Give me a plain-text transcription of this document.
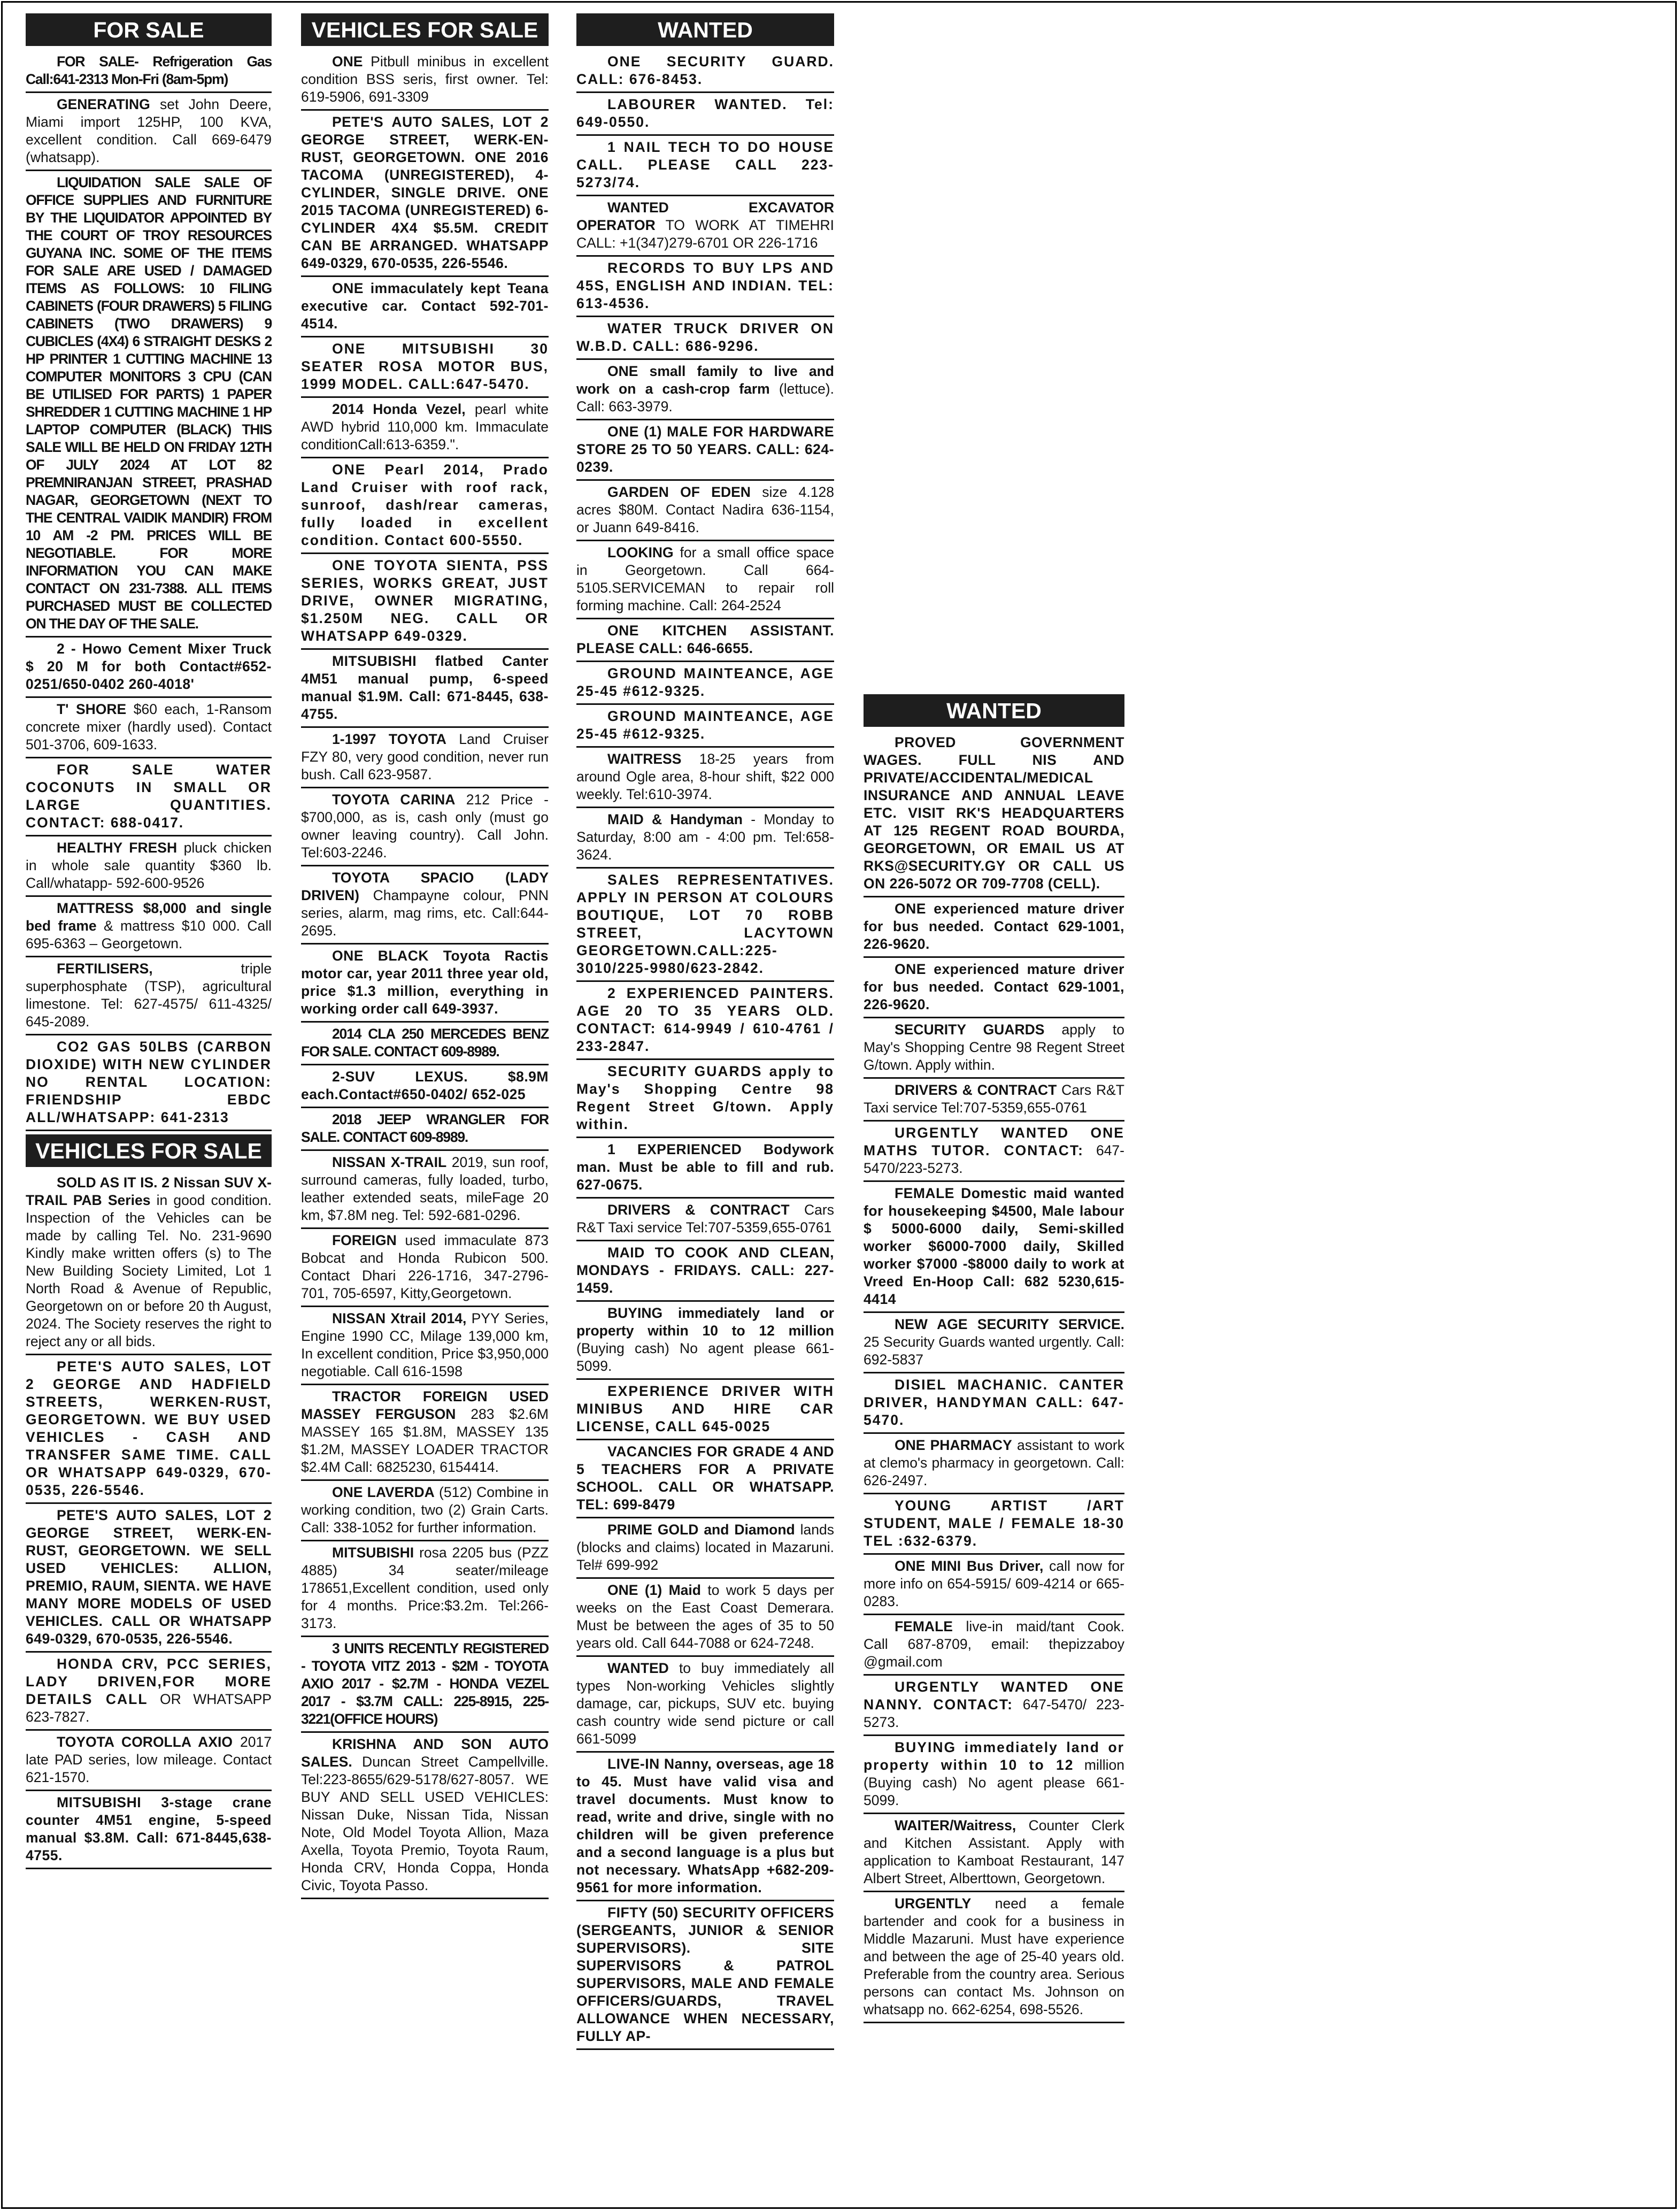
FOR SALE

FOR SALE- Refrigeration Gas Call:641-2313 Mon-Fri (8am-5pm)

GENERATING set John Deere, Miami import 125HP, 100 KVA, excellent condition. Call 669-6479 (whatsapp).

LIQUIDATION SALE SALE OF OFFICE SUPPLIES AND FURNITURE BY THE LIQUIDATOR APPOINTED BY THE COURT OF TROY RESOURCES GUYANA INC. SOME OF THE ITEMS FOR SALE ARE USED / DAMAGED ITEMS AS FOLLOWS: 10 FILING CABINETS (FOUR DRAWERS) 5 FILING CABINETS (TWO DRAWERS) 9 CUBICLES (4X4) 6 STRAIGHT DESKS 2 HP PRINTER 1 CUTTING MACHINE 13 COMPUTER MONITORS 3 CPU (CAN BE UTILISED FOR PARTS) 1 PAPER SHREDDER 1 CUTTING MACHINE 1 HP LAPTOP COMPUTER (BLACK) THIS SALE WILL BE HELD ON FRIDAY 12TH OF JULY 2024 AT LOT 82 PREMNIRANJAN STREET, PRASHAD NAGAR, GEORGETOWN (NEXT TO THE CENTRAL VAIDIK MANDIR) FROM 10 AM -2 PM. PRICES WILL BE NEGOTIABLE. FOR MORE INFORMATION YOU CAN MAKE CONTACT ON 231-7388. ALL ITEMS PURCHASED MUST BE COLLECTED ON THE DAY OF THE SALE.

2 - Howo Cement Mixer Truck $ 20 M for both Contact#652-0251/650-0402 260-4018'

T' SHORE $60 each, 1-Ransom concrete mixer (hardly used). Contact 501-3706, 609-1633.

FOR SALE WATER COCONUTS IN SMALL OR LARGE QUANTITIES. CONTACT: 688-0417.

HEALTHY FRESH pluck chicken in whole sale quantity $360 lb. Call/whatapp- 592-600-9526

MATTRESS $8,000 and single bed frame & mattress $10 000. Call 695-6363 – Georgetown.

FERTILISERS, triple superphosphate (TSP), agricultural limestone. Tel: 627-4575/ 611-4325/ 645-2089.

CO2 GAS 50LBS (CARBON DIOXIDE) WITH NEW CYLINDER NO RENTAL LOCATION: FRIENDSHIP EBDC ALL/WHATSAPP: 641-2313

VEHICLES FOR SALE

SOLD AS IT IS. 2 Nissan SUV X-TRAIL PAB Series in good condition. Inspection of the Vehicles can be made by calling Tel. No. 231-9690 Kindly make written offers (s) to The New Building Society Limited, Lot 1 North Road & Avenue of Republic, Georgetown on or before 20 th August, 2024. The Society reserves the right to reject any or all bids.

PETE'S AUTO SALES, LOT 2 GEORGE AND HADFIELD STREETS, WERKEN-RUST, GEORGETOWN. WE BUY USED VEHICLES - CASH AND TRANSFER SAME TIME. CALL OR WHATSAPP 649-0329, 670-0535, 226-5546.

PETE'S AUTO SALES, LOT 2 GEORGE STREET, WERK-EN-RUST, GEORGETOWN. WE SELL USED VEHICLES: ALLION, PREMIO, RAUM, SIENTA. WE HAVE MANY MORE MODELS OF USED VEHICLES. CALL OR WHATSAPP 649-0329, 670-0535, 226-5546.

HONDA CRV, PCC SERIES, LADY DRIVEN,FOR MORE DETAILS CALL OR WHATSAPP 623-7827.

TOYOTA COROLLA AXIO 2017 late PAD series, low mileage. Contact 621-1570.

MITSUBISHI 3-stage crane counter 4M51 engine, 5-speed manual $3.8M. Call: 671-8445,638-4755.

VEHICLES FOR SALE

ONE Pitbull minibus in excellent condition BSS seris, first owner. Tel: 619-5906, 691-3309

PETE'S AUTO SALES, LOT 2 GEORGE STREET, WERK-EN-RUST, GEORGETOWN. ONE 2016 TACOMA (UNREGISTERED), 4-CYLINDER, SINGLE DRIVE. ONE 2015 TACOMA (UNREGISTERED) 6-CYLINDER 4X4 $5.5M. CREDIT CAN BE ARRANGED. WHATSAPP 649-0329, 670-0535, 226-5546.

ONE immaculately kept Teana executive car. Contact 592-701-4514.

ONE MITSUBISHI 30 SEATER ROSA MOTOR BUS, 1999 MODEL. CALL:647-5470.

2014 Honda Vezel, pearl white AWD hybrid 110,000 km. Immaculate conditionCall:613-6359.".

ONE Pearl 2014, Prado Land Cruiser with roof rack, sunroof, dash/rear cameras, fully loaded in excellent condition. Contact 600-5550.

ONE TOYOTA SIENTA, PSS SERIES, WORKS GREAT, JUST DRIVE, OWNER MIGRATING, $1.250M NEG. CALL OR WHATSAPP 649-0329.

MITSUBISHI flatbed Canter 4M51 manual pump, 6-speed manual $1.9M. Call: 671-8445, 638-4755.

1-1997 TOYOTA Land Cruiser FZY 80, very good condition, never run bush. Call 623-9587.

TOYOTA CARINA 212 Price - $700,000, as is, cash only (must go owner leaving country). Call John. Tel:603-2246.

TOYOTA SPACIO (LADY DRIVEN) Champayne colour, PNN series, alarm, mag rims, etc. Call:644-2695.

ONE BLACK Toyota Ractis motor car, year 2011 three year old, price $1.3 million, everything in working order call 649-3937.

2014 CLA 250 MERCEDES BENZ FOR SALE. CONTACT 609-8989.

2-SUV LEXUS. $8.9M each.Contact#650-0402/ 652-025

2018 JEEP WRANGLER FOR SALE. CONTACT 609-8989.

NISSAN X-TRAIL 2019, sun roof, surround cameras, fully loaded, turbo, leather extended seats, mileFage 20 km, $7.8M neg. Tel: 592-681-0296.

FOREIGN used immaculate 873 Bobcat and Honda Rubicon 500. Contact Dhari 226-1716, 347-2796-701, 705-6597, Kitty,Georgetown.

NISSAN Xtrail 2014, PYY Series, Engine 1990 CC, Milage 139,000 km, In excellent condition, Price $3,950,000 negotiable. Call 616-1598

TRACTOR FOREIGN USED MASSEY FERGUSON 283 $2.6M MASSEY 165 $1.8M, MASSEY 135 $1.2M, MASSEY LOADER TRACTOR $2.4M Call: 6825230, 6154414.

ONE LAVERDA (512) Combine in working condition, two (2) Grain Carts. Call: 338-1052 for further information.

MITSUBISHI rosa 2205 bus (PZZ 4885) 34 seater/mileage 178651,Excellent condition, used only for 4 months. Price:$3.2m. Tel:266-3173.

3 UNITS RECENTLY REGISTERED - TOYOTA VITZ 2013 - $2M - TOYOTA AXIO 2017 - $2.7M - HONDA VEZEL 2017 - $3.7M CALL: 225-8915, 225-3221(OFFICE HOURS)

KRISHNA AND SON AUTO SALES. Duncan Street Campellville. Tel:223-8655/629-5178/627-8057. WE BUY AND SELL USED VEHICLES: Nissan Duke, Nissan Tida, Nissan Note, Old Model Toyota Allion, Maza Axella, Toyota Premio, Toyota Raum, Honda CRV, Honda Coppa, Honda Civic, Toyota Passo.

WANTED

ONE SECURITY GUARD. CALL: 676-8453.

LABOURER WANTED. Tel: 649-0550.

1 NAIL TECH TO DO HOUSE CALL. PLEASE CALL 223-5273/74.

WANTED EXCAVATOR OPERATOR TO WORK AT TIMEHRI CALL: +1(347)279-6701 OR 226-1716

RECORDS TO BUY LPS AND 45S, ENGLISH AND INDIAN. TEL: 613-4536.

WATER TRUCK DRIVER ON W.B.D. CALL: 686-9296.

ONE small family to live and work on a cash-crop farm (lettuce). Call: 663-3979.

ONE (1) MALE FOR HARDWARE STORE 25 TO 50 YEARS. CALL: 624-0239.

GARDEN OF EDEN size 4.128 acres $80M. Contact Nadira 636-1154, or Juann 649-8416.

LOOKING for a small office space in Georgetown. Call 664-5105.SERVICEMAN to repair roll forming machine. Call: 264-2524

ONE KITCHEN ASSISTANT. PLEASE CALL: 646-6655.

GROUND MAINTEANCE, AGE 25-45 #612-9325.

GROUND MAINTEANCE, AGE 25-45 #612-9325.

WAITRESS 18-25 years from around Ogle area, 8-hour shift, $22 000 weekly. Tel:610-3974.

MAID & Handyman - Monday to Saturday, 8:00 am - 4:00 pm. Tel:658-3624.

SALES REPRESENTATIVES. APPLY IN PERSON AT COLOURS BOUTIQUE, LOT 70 ROBB STREET, LACYTOWN GEORGETOWN.CALL:225-3010/225-9980/623-2842.

2 EXPERIENCED PAINTERS. AGE 20 TO 35 YEARS OLD. CONTACT: 614-9949 / 610-4761 / 233-2847.

SECURITY GUARDS apply to May's Shopping Centre 98 Regent Street G/town. Apply within.

1 EXPERIENCED Bodywork man. Must be able to fill and rub. 627-0675.

DRIVERS & CONTRACT Cars R&T Taxi service Tel:707-5359,655-0761

MAID TO COOK AND CLEAN, MONDAYS - FRIDAYS. CALL: 227-1459.

BUYING immediately land or property within 10 to 12 million (Buying cash) No agent please 661-5099.

EXPERIENCE DRIVER WITH MINIBUS AND HIRE CAR LICENSE, CALL 645-0025

VACANCIES FOR GRADE 4 AND 5 TEACHERS FOR A PRIVATE SCHOOL. CALL OR WHATSAPP. TEL: 699-8479

PRIME GOLD and Diamond lands (blocks and claims) located in Mazaruni. Tel# 699-992

ONE (1) Maid to work 5 days per weeks on the East Coast Demerara. Must be between the ages of 35 to 50 years old. Call 644-7088 or 624-7248.

WANTED to buy immediately all types Non-working Vehicles slightly damage, car, pickups, SUV etc. buying cash country wide send picture or call 661-5099

LIVE-IN Nanny, overseas, age 18 to 45. Must have valid visa and travel documents. Must know to read, write and drive, single with no children will be given preference and a second language is a plus but not necessary. WhatsApp +682-209-9561 for more information.

FIFTY (50) SECURITY OFFICERS (SERGEANTS, JUNIOR & SENIOR SUPERVISORS). SITE SUPERVISORS & PATROL SUPERVISORS, MALE AND FEMALE OFFICERS/GUARDS, TRAVEL ALLOWANCE WHEN NECESSARY, FULLY AP-

WANTED

PROVED GOVERNMENT WAGES. FULL NIS AND PRIVATE/ACCIDENTAL/MEDICAL INSURANCE AND ANNUAL LEAVE ETC. VISIT RK'S HEADQUARTERS AT 125 REGENT ROAD BOURDA, GEORGETOWN, OR EMAIL US AT RKS@SECURITY.GY OR CALL US ON 226-5072 OR 709-7708 (CELL).

ONE experienced mature driver for bus needed. Contact 629-1001, 226-9620.

ONE experienced mature driver for bus needed. Contact 629-1001, 226-9620.

SECURITY GUARDS apply to May's Shopping Centre 98 Regent Street G/town. Apply within.

DRIVERS & CONTRACT Cars R&T Taxi service Tel:707-5359,655-0761

URGENTLY WANTED ONE MATHS TUTOR. CONTACT: 647-5470/223-5273.

FEMALE Domestic maid wanted for housekeeping $4500, Male labour $ 5000-6000 daily, Semi-skilled worker $6000-7000 daily, Skilled worker $7000 -$8000 daily to work at Vreed En-Hoop Call: 682 5230,615-4414

NEW AGE SECURITY SERVICE. 25 Security Guards wanted urgently. Call: 692-5837

DISIEL MACHANIC. CANTER DRIVER, HANDYMAN CALL: 647-5470.

ONE PHARMACY assistant to work at clemo's pharmacy in georgetown. Call: 626-2497.

YOUNG ARTIST /ART STUDENT, MALE / FEMALE 18-30 TEL :632-6379.

ONE MINI Bus Driver, call now for more info on 654-5915/ 609-4214 or 665-0283.

FEMALE live-in maid/tant Cook. Call 687-8709, email: thepizzaboy @gmail.com

URGENTLY WANTED ONE NANNY. CONTACT: 647-5470/ 223-5273.

BUYING immediately land or property within 10 to 12 million (Buying cash) No agent please 661-5099.

WAITER/Waitress, Counter Clerk and Kitchen Assistant. Apply with application to Kamboat Restaurant, 147 Albert Street, Alberttown, Georgetown.

URGENTLY need a female bartender and cook for a business in Middle Mazaruni. Must have experience and between the age of 25-40 years old. Preferable from the country area. Serious persons can contact Ms. Johnson on whatsapp no. 662-6254, 698-5526.
